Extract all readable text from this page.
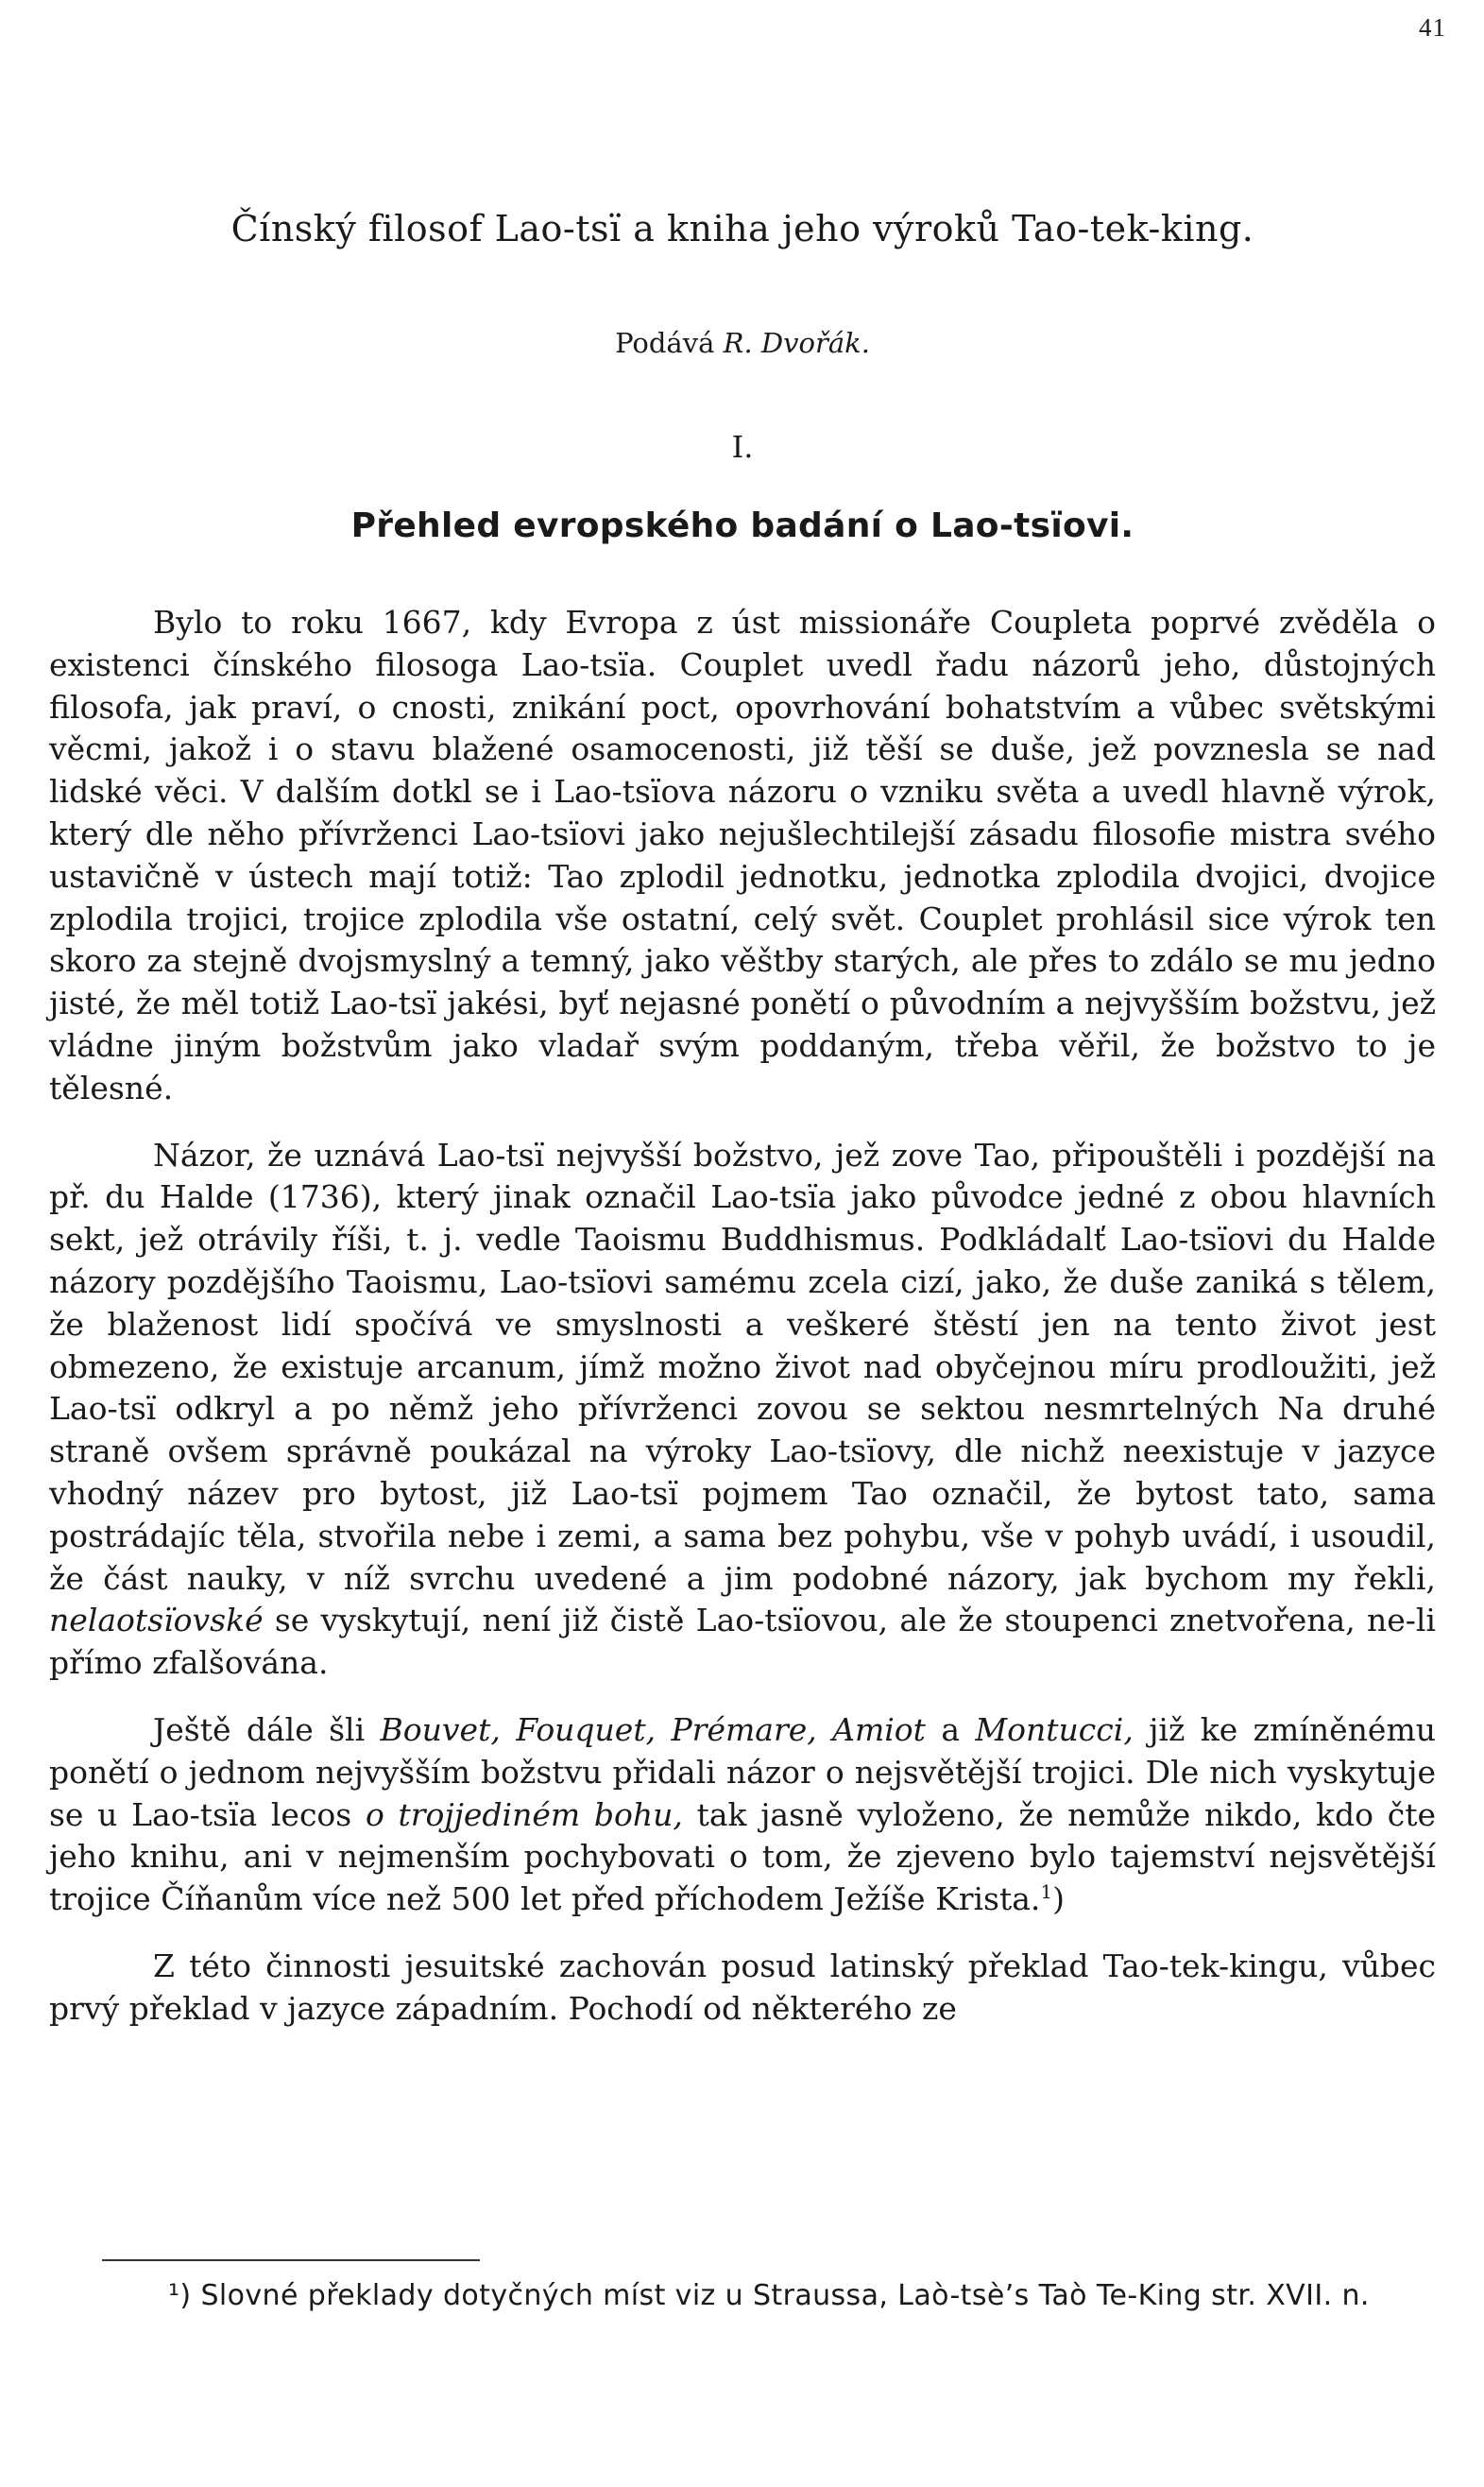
41
Čínský filosof Lao-tsï a kniha jeho výroků Tao-tek-king.
Podává R. Dvořák.
I.
Přehled evropského badání o Lao-tsïovi.

Bylo to roku 1667, kdy Evropa z úst missionáře Coupleta poprvé zvěděla o existenci čínského filosoga Lao-tsïa. Couplet uvedl řadu názorů jeho, důstojných filosofa, jak praví, o cnosti, znikání poct, opovrhování bohatstvím a vůbec světskými věcmi, jakož i o stavu blažené osamocenosti, již těší se duše, jež povznesla se nad lidské věci. V dalším dotkl se i Lao-tsïova názoru o vzniku světa a uvedl hlavně výrok, který dle něho přívrženci Lao-tsïovi jako nejušlechtilejší zásadu filosofie mistra svého ustavičně v ústech mají totiž: Tao zplodil jednotku, jednotka zplodila dvojici, dvojice zplodila trojici, trojice zplodila vše ostatní, celý svět. Couplet prohlásil sice výrok ten skoro za stejně dvojsmyslný a temný, jako věštby starých, ale přes to zdálo se mu jedno jisté, že měl totiž Lao-tsï jakési, byť nejasné ponětí o původním a nejvyšším božstvu, jež vládne jiným božstvům jako vladař svým poddaným, třeba věřil, že božstvo to je tělesné.

Názor, že uznává Lao-tsï nejvyšší božstvo, jež zove Tao, připouštěli i pozdější na př. du Halde (1736), který jinak označil Lao-tsïa jako původce jedné z obou hlavních sekt, jež otrávily říši, t. j. vedle Taoismu Buddhismus. Podkládalť Lao-tsïovi du Halde názory pozdějšího Taoismu, Lao-tsïovi samému zcela cizí, jako, že duše zaniká s tělem, že blaženost lidí spočívá ve smyslnosti a veškeré štěstí jen na tento život jest obmezeno, že existuje arcanum, jímž možno život nad obyčejnou míru prodloužiti, jež Lao-tsï odkryl a po němž jeho přívrženci zovou se sektou nesmrtelných Na druhé straně ovšem správně poukázal na výroky Lao-tsïovy, dle nichž neexistuje v jazyce vhodný název pro bytost, již Lao-tsï pojmem Tao označil, že bytost tato, sama postrádajíc těla, stvořila nebe i zemi, a sama bez pohybu, vše v pohyb uvádí, i usoudil, že část nauky, v níž svrchu uvedené a jim podobné názory, jak bychom my řekli, nelaotsïovské se vyskytují, není již čistě Lao-tsïovou, ale že stoupenci znetvořena, ne-li přímo zfalšována.

Ještě dále šli Bouvet, Fouquet, Prémare, Amiot a Montucci, již ke zmíněnému ponětí o jednom nejvyšším božstvu přidali názor o nejsvětější trojici. Dle nich vyskytuje se u Lao-tsïa lecos o trojjediném bohu, tak jasně vyloženo, že nemůže nikdo, kdo čte jeho knihu, ani v nejmenším pochybovati o tom, že zjeveno bylo tajemství nejsvětější trojice Číňanům více než 500 let před příchodem Ježíše Krista.$^1$)

Z této činnosti jesuitské zachován posud latinský překlad Tao-tek-kingu, vůbec prvý překlad v jazyce západním. Pochodí od některého ze

¹) Slovné překlady dotyčných míst viz u Straussa, Laò-tsè’s Taò Te-King str. XVII. n.
